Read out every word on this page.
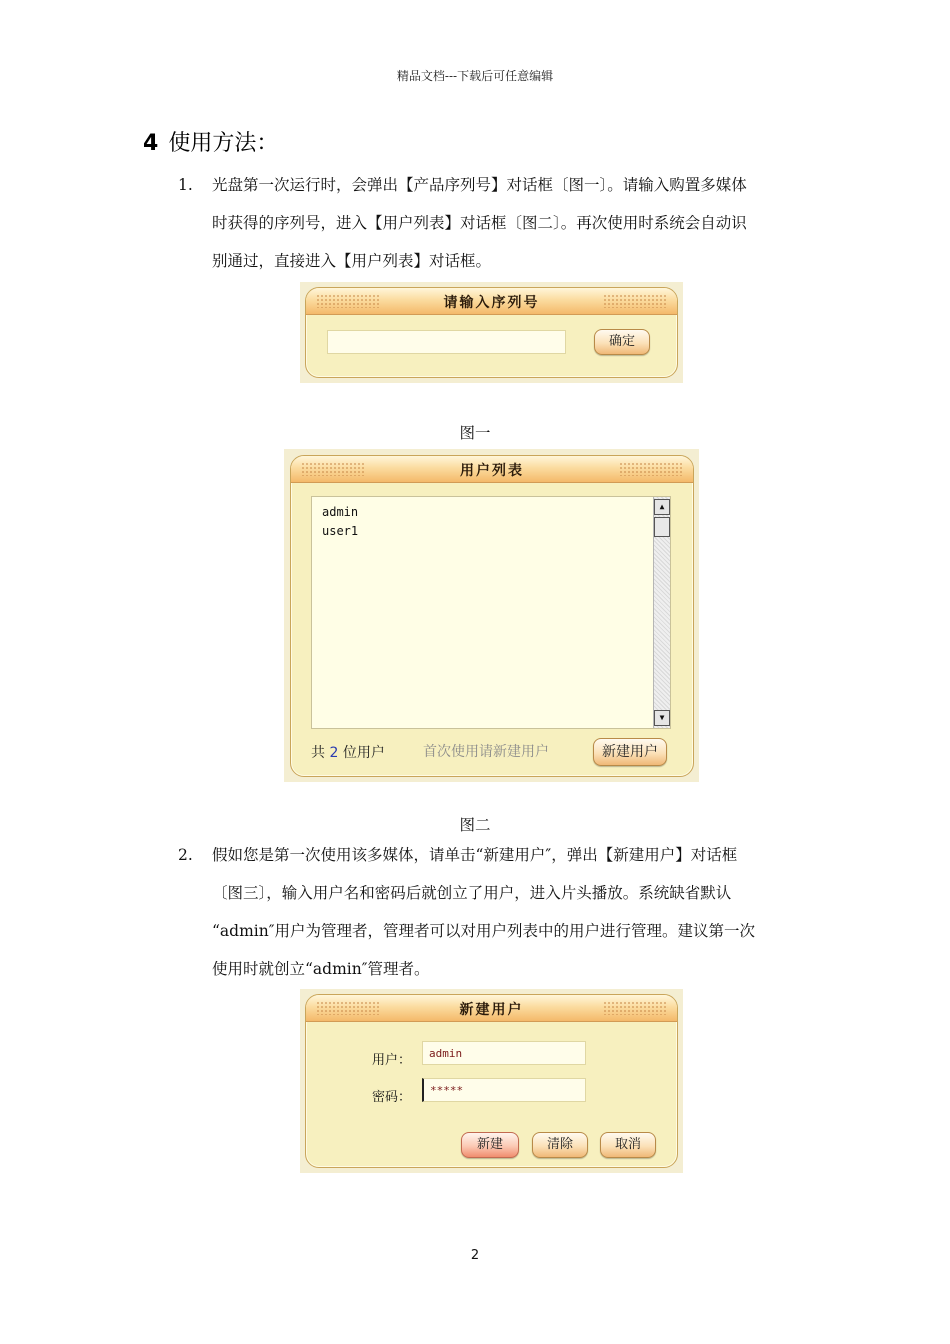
精品文档---下载后可任意编辑
4 使用方法：
1. 光盘第一次运行时，会弹出【产品序列号】对话框〔图一〕。请输入购置多媒体
时获得的序列号，进入【用户列表】对话框〔图二〕。再次使用时系统会自动识
别通过，直接进入【用户列表】对话框。
请输入序列号
确定
图一
用户列表
admin
user1
▲
▼
共 2 位用户	首次使用请新建用户	新建用户
图二
2. 假如您是第一次使用该多媒体，请单击“新建用户″，弹出【新建用户】对话框
〔图三〕，输入用户名和密码后就创立了用户，进入片头播放。系统缺省默认
“admin″用户为管理者，管理者可以对用户列表中的用户进行管理。建议第一次
使用时就创立“admin″管理者。
新建用户
用户：	admin
密码：	*****
新建	清除	取消
2
